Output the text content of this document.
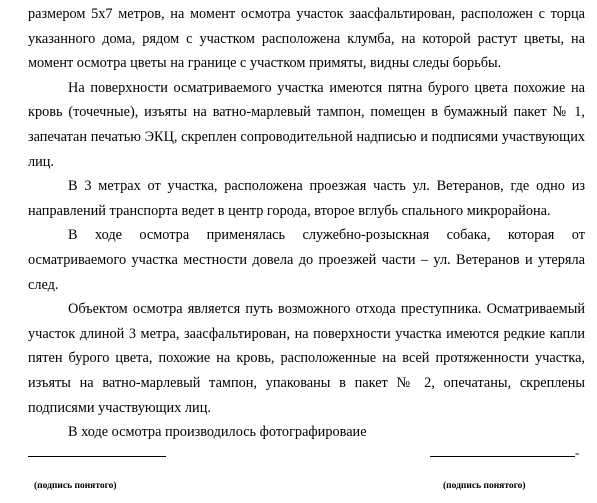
размером 5х7 метров, на момент осмотра участок заасфальтирован, расположен с торца указанного дома, рядом с участком расположена клумба, на которой растут цветы, на момент осмотра цветы на границе с участком примяты, видны следы борьбы.

На поверхности осматриваемого участка имеются пятна бурого цвета похожие на кровь (точечные), изъяты на ватно-марлевый тампон, помещен в бумажный пакет № 1, запечатан печатью ЭКЦ, скреплен сопроводительной надписью и подписями участвующих лиц.

В 3 метрах от участка, расположена проезжая часть ул. Ветеранов, где одно из направлений транспорта ведет в центр города, второе вглубь спального микрорайона.

В ходе осмотра применялась служебно-розыскная собака, которая от осматриваемого участка местности довела до проезжей части – ул. Ветеранов и утеряла след.

Объектом осмотра является путь возможного отхода преступника. Осматриваемый участок длиной 3 метра, заасфальтирован, на поверхности участка имеются редкие капли пятен бурого цвета, похожие на кровь, расположенные на всей протяженности участка, изъяты на ватно-марлевый тампон, упакованы в пакет № 2, опечатаны, скреплены подписями участвующих лиц.

В ходе осмотра производилось фотографироваие

-
(подпись понятого)	(подпись понятого)
